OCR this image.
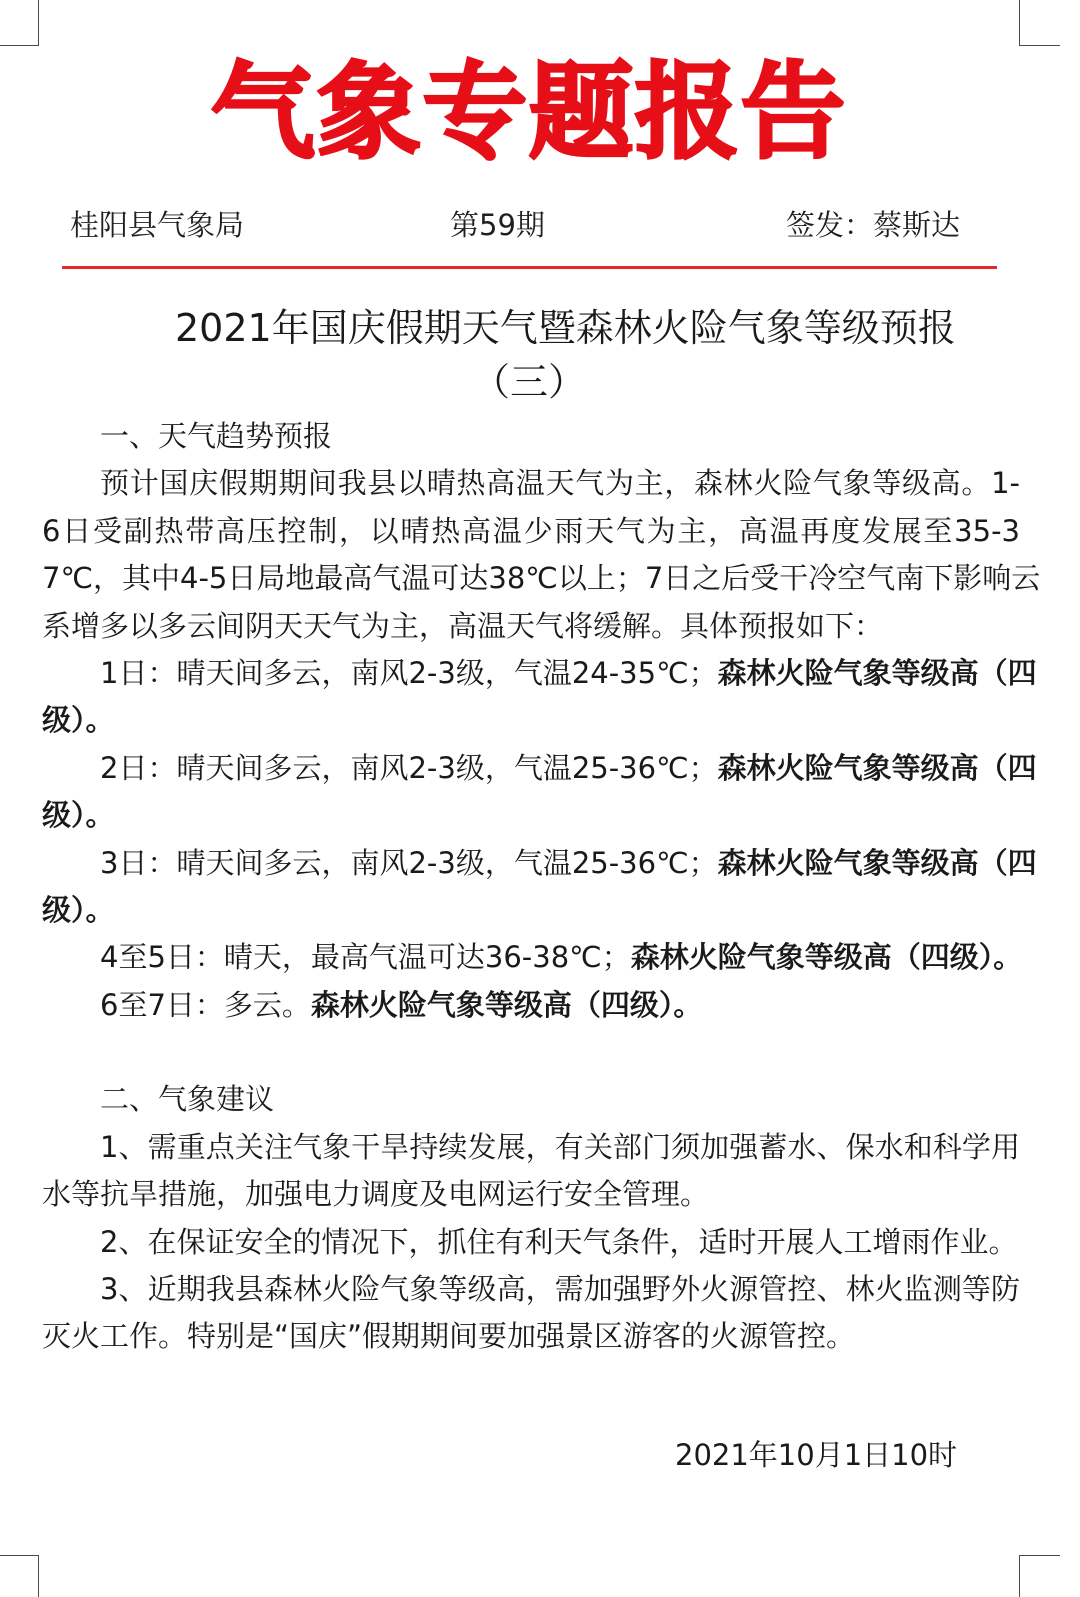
气象专题报告
桂阳县气象局	第59期	签发：蔡斯达
2021年国庆假期天气暨森林火险气象等级预报
（三）
一、天气趋势预报
预计国庆假期期间我县以晴热高温天气为主，森林火险气象等级高。1-
6日受副热带高压控制，以晴热高温少雨天气为主，高温再度发展至35-3
7℃，其中4-5日局地最高气温可达38℃以上；7日之后受干冷空气南下影响云
系增多以多云间阴天天气为主，高温天气将缓解。具体预报如下：
1日：晴天间多云，南风2-3级，气温24-35℃；森林火险气象等级高（四
级）。
2日：晴天间多云，南风2-3级，气温25-36℃；森林火险气象等级高（四
级）。
3日：晴天间多云，南风2-3级，气温25-36℃；森林火险气象等级高（四
级）。
4至5日：晴天，最高气温可达36-38℃；森林火险气象等级高（四级）。
6至7日：多云。森林火险气象等级高（四级）。
二、气象建议
1、需重点关注气象干旱持续发展，有关部门须加强蓄水、保水和科学用
水等抗旱措施，加强电力调度及电网运行安全管理。
2、在保证安全的情况下，抓住有利天气条件，适时开展人工增雨作业。
3、近期我县森林火险气象等级高，需加强野外火源管控、林火监测等防
灭火工作。特别是“国庆”假期期间要加强景区游客的火源管控。
2021年10月1日10时
